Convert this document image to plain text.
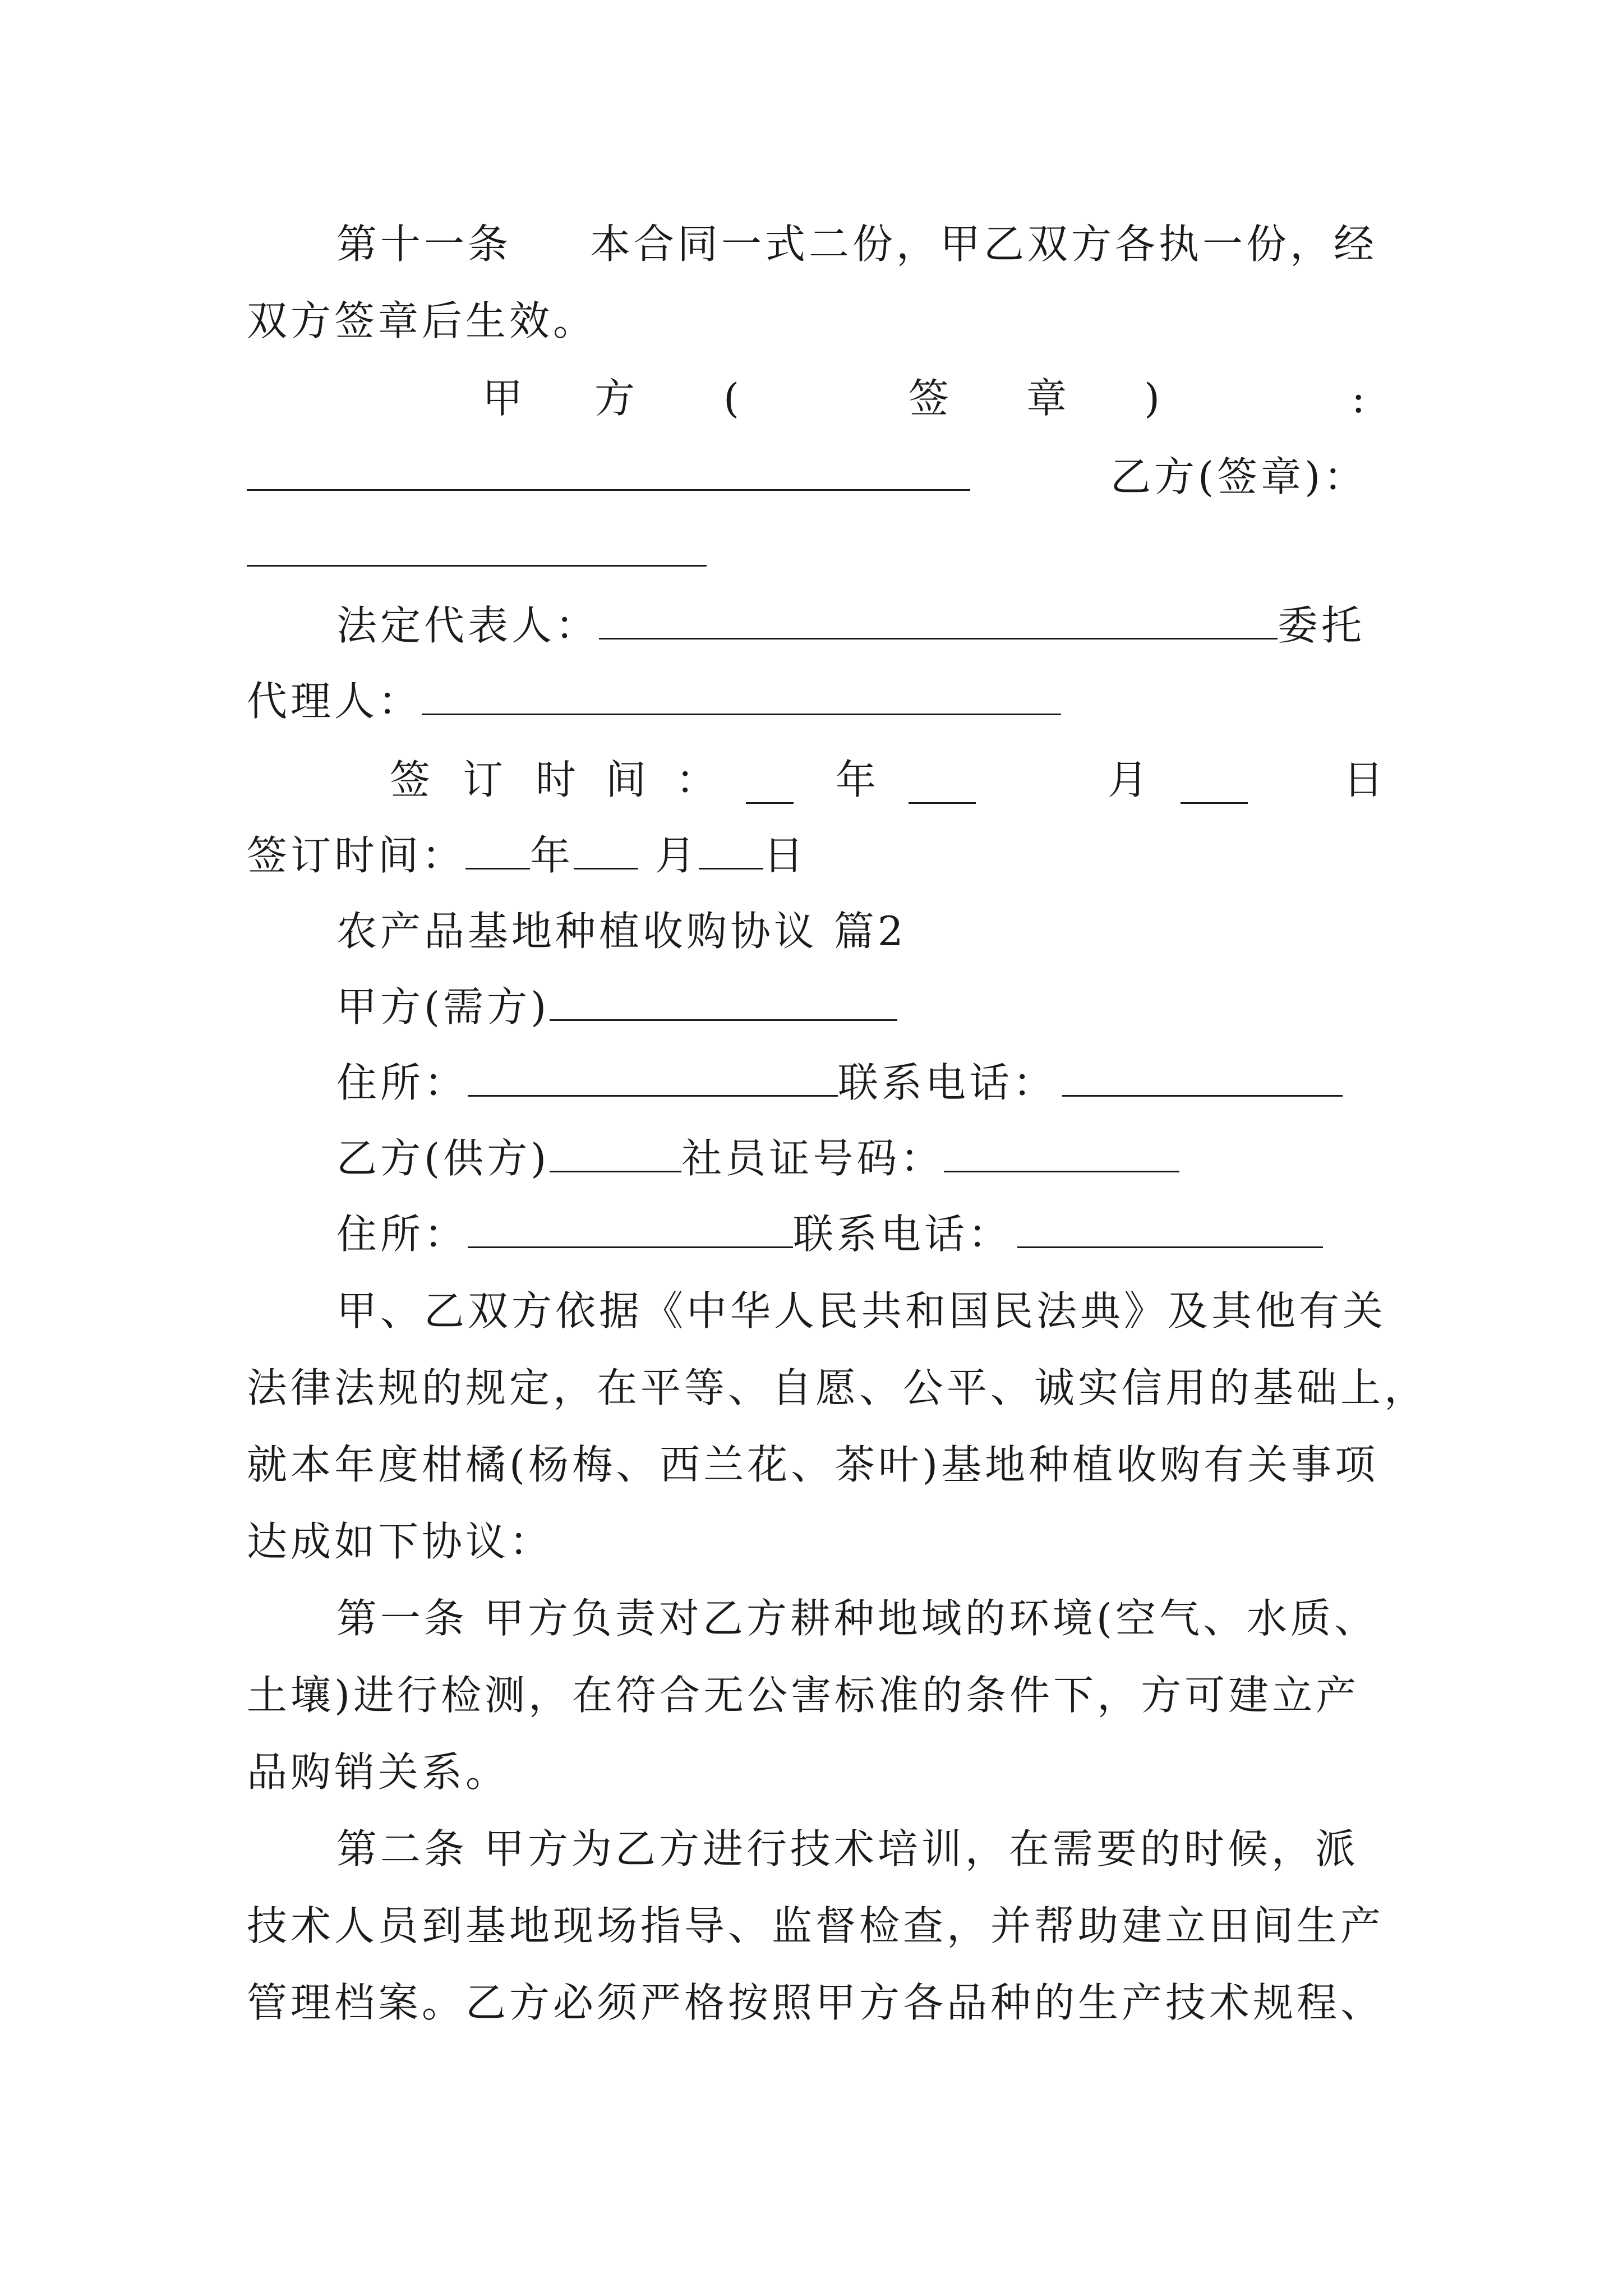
第十一条 本合同一式二份，甲乙双方各执一份，经
双方签章后生效。
甲 方 (	签 章 )	:
乙方(签章)：
法定代表人：	委托
代理人：
签 订 时 间 ：	年	月	日
签订时间： 年 月 日
农产品基地种植收购协议 篇2
甲方(需方)
住所：	联系电话：
乙方(供方)	社员证号码：
住所：	联系电话：
甲、乙双方依据《中华人民共和国民法典》及其他有关
法律法规的规定，在平等、自愿、公平、诚实信用的基础上，
就本年度柑橘(杨梅、西兰花、茶叶)基地种植收购有关事项
达成如下协议：
第一条 甲方负责对乙方耕种地域的环境(空气、水质、
土壤)进行检测，在符合无公害标准的条件下，方可建立产
品购销关系。
第二条 甲方为乙方进行技术培训，在需要的时候，派
技术人员到基地现场指导、监督检查，并帮助建立田间生产
管理档案。乙方必须严格按照甲方各品种的生产技术规程、
